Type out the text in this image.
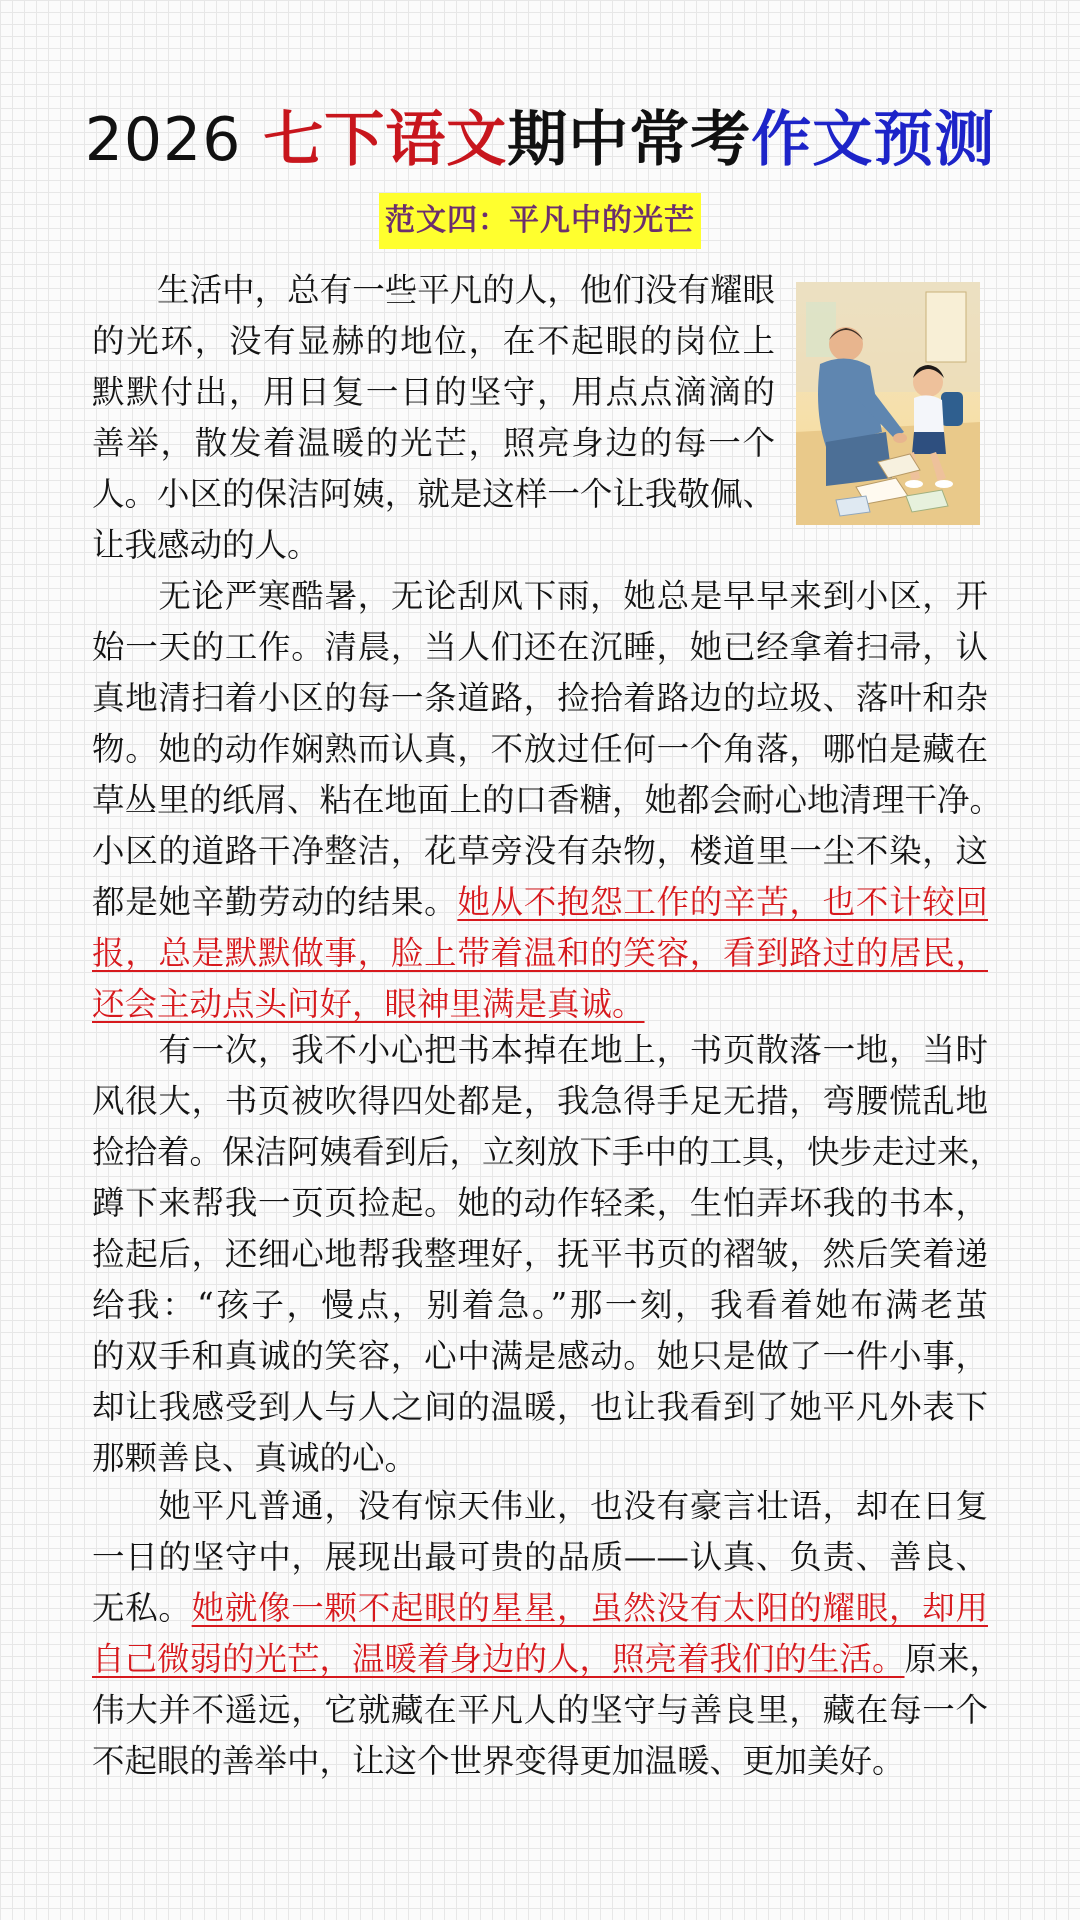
2026 七下语文期中常考作文预测
范文四：平凡中的光芒
　　生活中，总有一些平凡的人，他们没有耀眼
的光环，没有显赫的地位，在不起眼的岗位上
默默付出，用日复一日的坚守，用点点滴滴的
善举，散发着温暖的光芒，照亮身边的每一个
人。小区的保洁阿姨，就是这样一个让我敬佩、
让我感动的人。
　　无论严寒酷暑，无论刮风下雨，她总是早早来到小区，开
始一天的工作。清晨，当人们还在沉睡，她已经拿着扫帚，认
真地清扫着小区的每一条道路，捡拾着路边的垃圾、落叶和杂
物。她的动作娴熟而认真，不放过任何一个角落，哪怕是藏在
草丛里的纸屑、粘在地面上的口香糖，她都会耐心地清理干净。
小区的道路干净整洁，花草旁没有杂物，楼道里一尘不染，这
都是她辛勤劳动的结果。她从不抱怨工作的辛苦，也不计较回
报，总是默默做事，脸上带着温和的笑容，看到路过的居民，
还会主动点头问好，眼神里满是真诚。
　　有一次，我不小心把书本掉在地上，书页散落一地，当时
风很大，书页被吹得四处都是，我急得手足无措，弯腰慌乱地
捡拾着。保洁阿姨看到后，立刻放下手中的工具，快步走过来，
蹲下来帮我一页页捡起。她的动作轻柔，生怕弄坏我的书本，
捡起后，还细心地帮我整理好，抚平书页的褶皱，然后笑着递
给我：“孩子，慢点，别着急。”那一刻，我看着她布满老茧
的双手和真诚的笑容，心中满是感动。她只是做了一件小事，
却让我感受到人与人之间的温暖，也让我看到了她平凡外表下
那颗善良、真诚的心。
　　她平凡普通，没有惊天伟业，也没有豪言壮语，却在日复
一日的坚守中，展现出最可贵的品质——认真、负责、善良、
无私。她就像一颗不起眼的星星，虽然没有太阳的耀眼，却用
自己微弱的光芒，温暖着身边的人，照亮着我们的生活。原来，
伟大并不遥远，它就藏在平凡人的坚守与善良里，藏在每一个
不起眼的善举中，让这个世界变得更加温暖、更加美好。
